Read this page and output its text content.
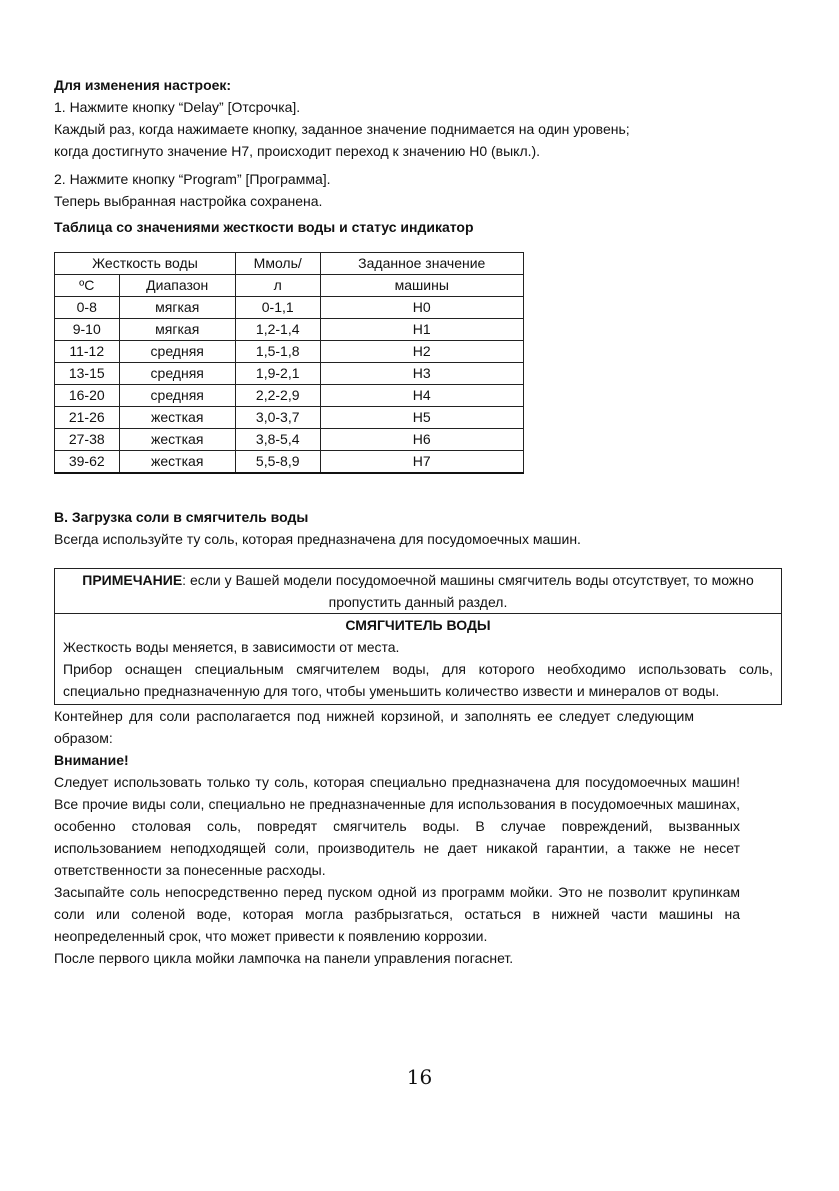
Для изменения настроек:

1. Нажмите кнопку “Delay” [Отсрочка].

Каждый раз, когда нажимаете кнопку, заданное значение поднимается на один уровень;

когда достигнуто значение H7, происходит переход к значению H0 (выкл.).

2. Нажмите кнопку “Program” [Программа].

Теперь выбранная настройка сохранена.

Таблица со значениями жесткости воды и статус индикатор

Жесткость воды		Ммоль/	Заданное значение
ºC	Диапазон	л	машины
0-8	мягкая	0-1,1	H0
9-10	мягкая	1,2-1,4	H1
11-12	средняя	1,5-1,8	H2
13-15	средняя	1,9-2,1	H3
16-20	средняя	2,2-2,9	H4
21-26	жесткая	3,0-3,7	H5
27-38	жесткая	3,8-5,4	H6
39-62	жесткая	5,5-8,9	H7

B. Загрузка соли в смягчитель воды

Всегда используйте ту соль, которая предназначена для посудомоечных машин.

ПРИМЕЧАНИЕ: если у Вашей модели посудомоечной машины смягчитель воды отсутствует, то можно пропустить данный раздел.
СМЯГЧИТЕЛЬ ВОДЫ

Жесткость воды меняется, в зависимости от места.

Прибор оснащен специальным смягчителем воды, для которого необходимо использовать соль, специально предназначенную для того, чтобы уменьшить количество извести и минералов от воды.

Контейнер для соли располагается под нижней корзиной, и заполнять ее следует следующим образом:

Внимание!

Следует использовать только ту соль, которая специально предназначена для посудомоечных машин! Все прочие виды соли, специально не предназначенные для использования в посудомоечных машинах, особенно столовая соль, повредят смягчитель воды. В случае повреждений, вызванных использованием неподходящей соли, производитель не дает никакой гарантии, а также не несет ответственности за понесенные расходы.

Засыпайте соль непосредственно перед пуском одной из программ мойки. Это не позволит крупинкам соли или соленой воде, которая могла разбрызгаться, остаться в нижней части машины на неопределенный срок, что может привести к появлению коррозии.

После первого цикла мойки лампочка на панели управления погаснет.

16
